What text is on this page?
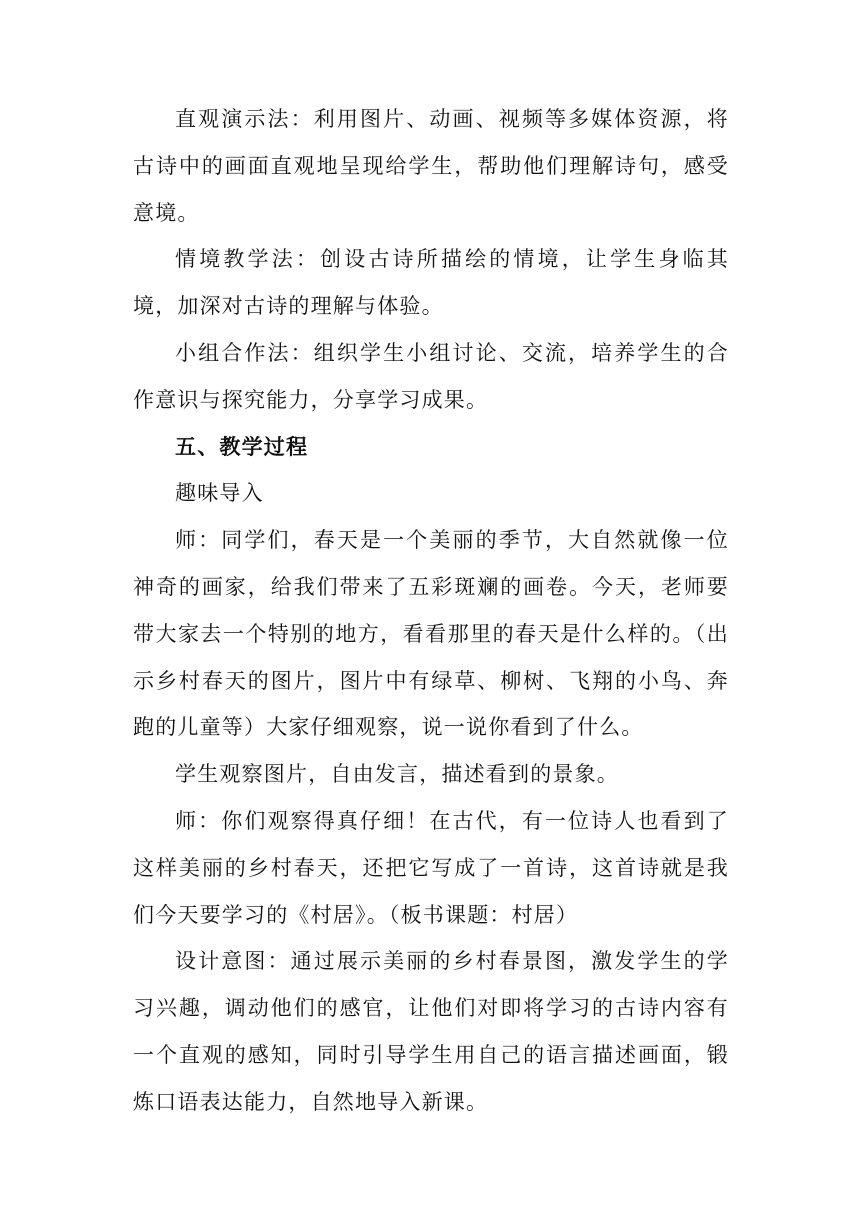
直观演示法：利用图片、动画、视频等多媒体资源，将古诗中的画面直观地呈现给学生，帮助他们理解诗句，感受意境。

情境教学法：创设古诗所描绘的情境，让学生身临其境，加深对古诗的理解与体验。

小组合作法：组织学生小组讨论、交流，培养学生的合作意识与探究能力，分享学习成果。

五、教学过程

趣味导入

师：同学们，春天是一个美丽的季节，大自然就像一位神奇的画家，给我们带来了五彩斑斓的画卷。今天，老师要带大家去一个特别的地方，看看那里的春天是什么样的。（出示乡村春天的图片，图片中有绿草、柳树、飞翔的小鸟、奔跑的儿童等）大家仔细观察，说一说你看到了什么。

学生观察图片，自由发言，描述看到的景象。

师：你们观察得真仔细！在古代，有一位诗人也看到了这样美丽的乡村春天，还把它写成了一首诗，这首诗就是我们今天要学习的《村居》。（板书课题：村居）

设计意图：通过展示美丽的乡村春景图，激发学生的学习兴趣，调动他们的感官，让他们对即将学习的古诗内容有一个直观的感知，同时引导学生用自己的语言描述画面，锻炼口语表达能力，自然地导入新课。
